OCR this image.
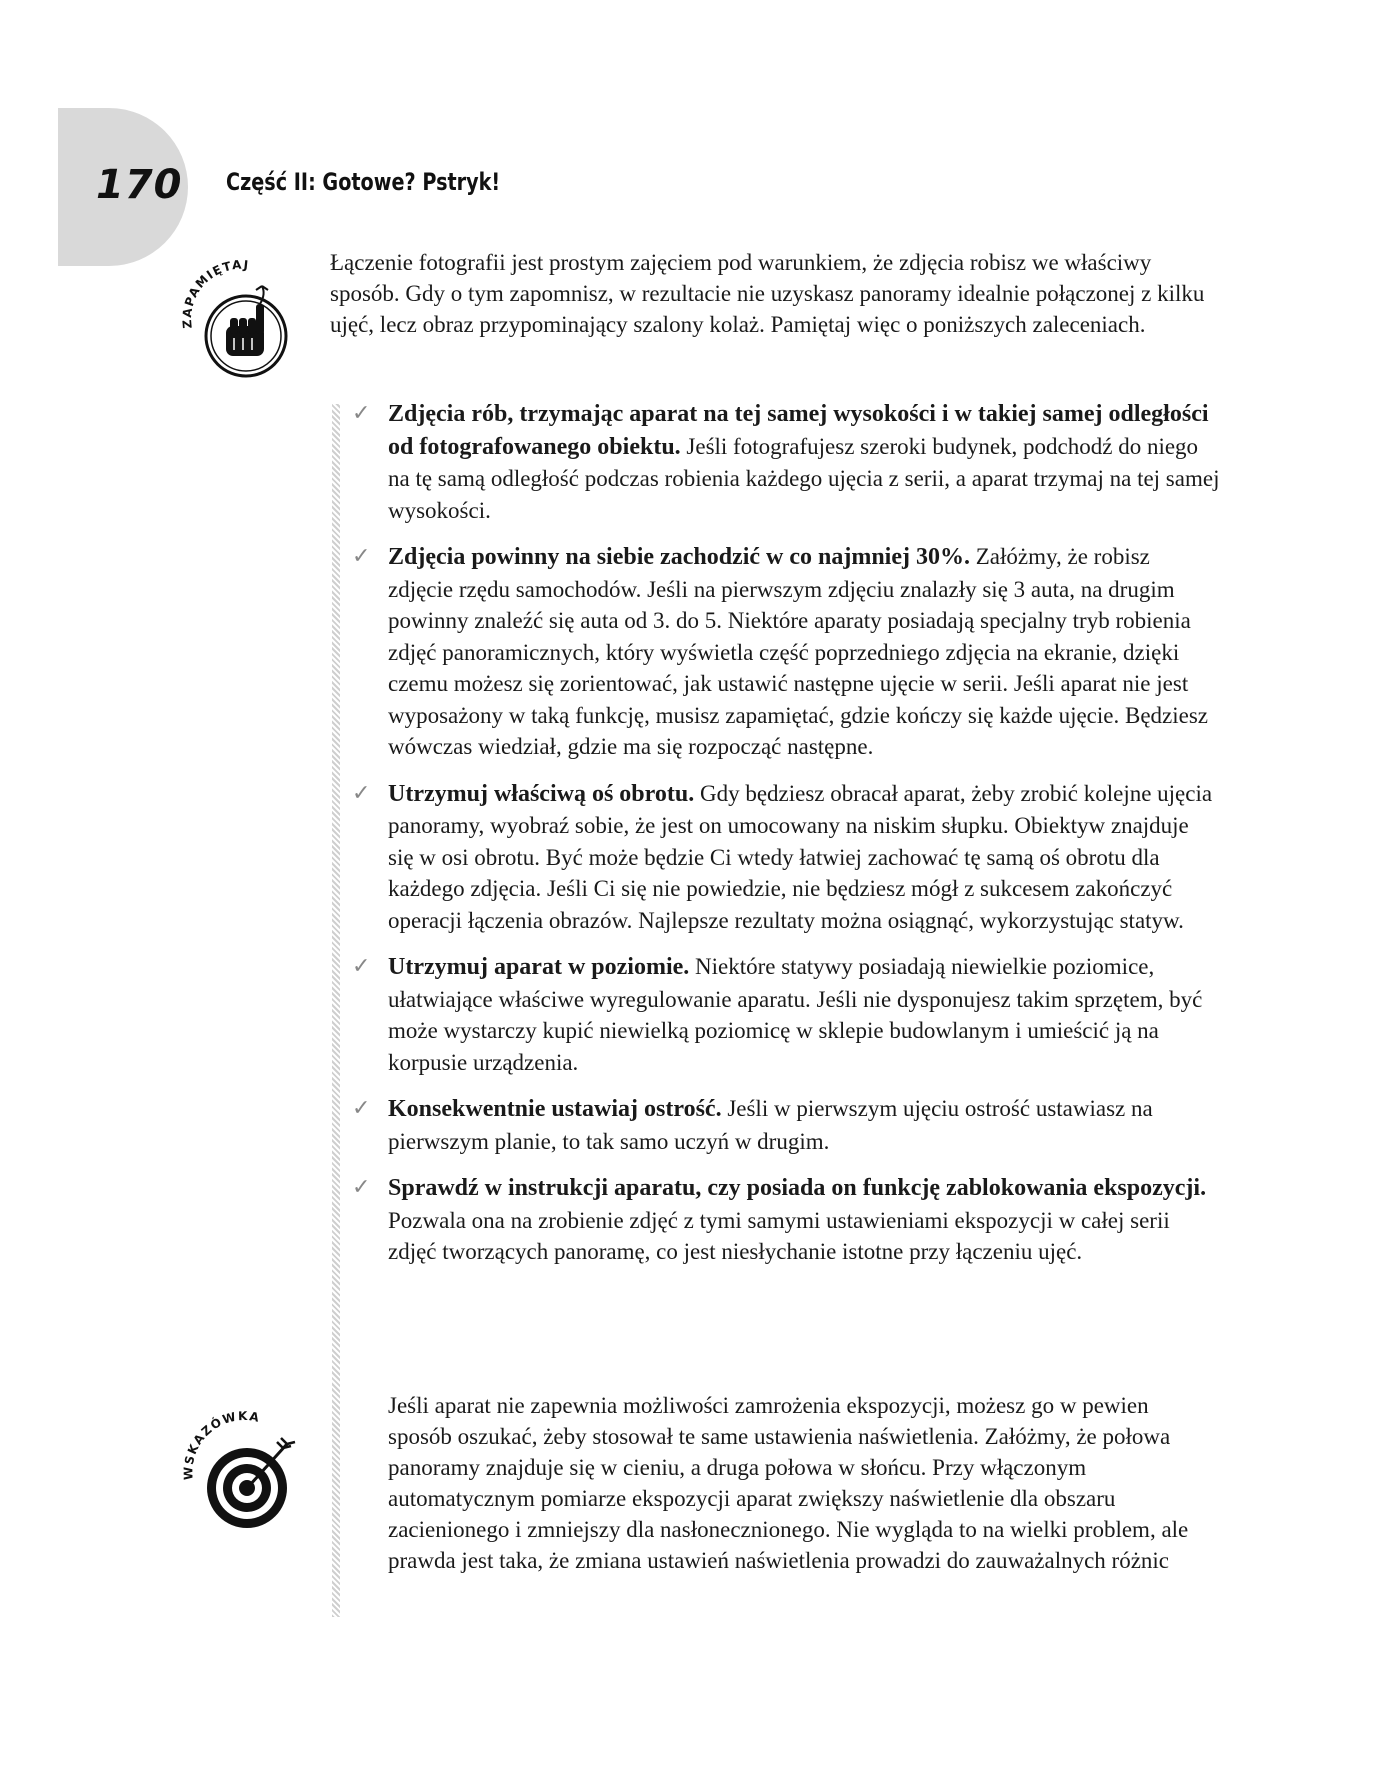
170 Część II: Gotowe? Pstryk!
ZAPAMIĘTAJ	Łączenie fotografii jest prostym zajęciem pod warunkiem, że zdjęcia robisz we właściwy sposób. Gdy o tym zapomnisz, w rezultacie nie uzyskasz panoramy idealnie połączonej z kilku ujęć, lecz obraz przypominający szalony kolaż. Pamiętaj więc o poniższych zaleceniach.

✓ Zdjęcia rób, trzymając aparat na tej samej wysokości i w takiej samej odległości od fotografowanego obiektu. Jeśli fotografujesz szeroki budynek, podchodź do niego na tę samą odległość podczas robienia każdego ujęcia z serii, a aparat trzymaj na tej samej wysokości.
✓ Zdjęcia powinny na siebie zachodzić w co najmniej 30%. Załóżmy, że robisz zdjęcie rzędu samochodów. Jeśli na pierwszym zdjęciu znalazły się 3 auta, na drugim powinny znaleźć się auta od 3. do 5. Niektóre aparaty posiadają specjalny tryb robienia zdjęć panoramicznych, który wyświetla część poprzedniego zdjęcia na ekranie, dzięki czemu możesz się zorientować, jak ustawić następne ujęcie w serii. Jeśli aparat nie jest wyposażony w taką funkcję, musisz zapamiętać, gdzie kończy się każde ujęcie. Będziesz wówczas wiedział, gdzie ma się rozpocząć następne.
✓ Utrzymuj właściwą oś obrotu. Gdy będziesz obracał aparat, żeby zrobić kolejne ujęcia panoramy, wyobraź sobie, że jest on umocowany na niskim słupku. Obiektyw znajduje się w osi obrotu. Być może będzie Ci wtedy łatwiej zachować tę samą oś obrotu dla każdego zdjęcia. Jeśli Ci się nie powiedzie, nie będziesz mógł z sukcesem zakończyć operacji łączenia obrazów. Najlepsze rezultaty można osiągnąć, wykorzystując statyw.
✓ Utrzymuj aparat w poziomie. Niektóre statywy posiadają niewielkie poziomice, ułatwiające właściwe wyregulowanie aparatu. Jeśli nie dysponujesz takim sprzętem, być może wystarczy kupić niewielką poziomicę w sklepie budowlanym i umieścić ją na korpusie urządzenia.
✓ Konsekwentnie ustawiaj ostrość. Jeśli w pierwszym ujęciu ostrość ustawiasz na pierwszym planie, to tak samo uczyń w drugim.
✓ Sprawdź w instrukcji aparatu, czy posiada on funkcję zablokowania ekspozycji. Pozwala ona na zrobienie zdjęć z tymi samymi ustawieniami ekspozycji w całej serii zdjęć tworzących panoramę, co jest niesłychanie istotne przy łączeniu ujęć.
WSKAZÓWKA	Jeśli aparat nie zapewnia możliwości zamrożenia ekspozycji, możesz go w pewien sposób oszukać, żeby stosował te same ustawienia naświetlenia. Załóżmy, że połowa panoramy znajduje się w cieniu, a druga połowa w słońcu. Przy włączonym automatycznym pomiarze ekspozycji aparat zwiększy naświetlenie dla obszaru zacienionego i zmniejszy dla nasłonecznionego. Nie wygląda to na wielki problem, ale prawda jest taka, że zmiana ustawień naświetlenia prowadzi do zauważalnych różnic
